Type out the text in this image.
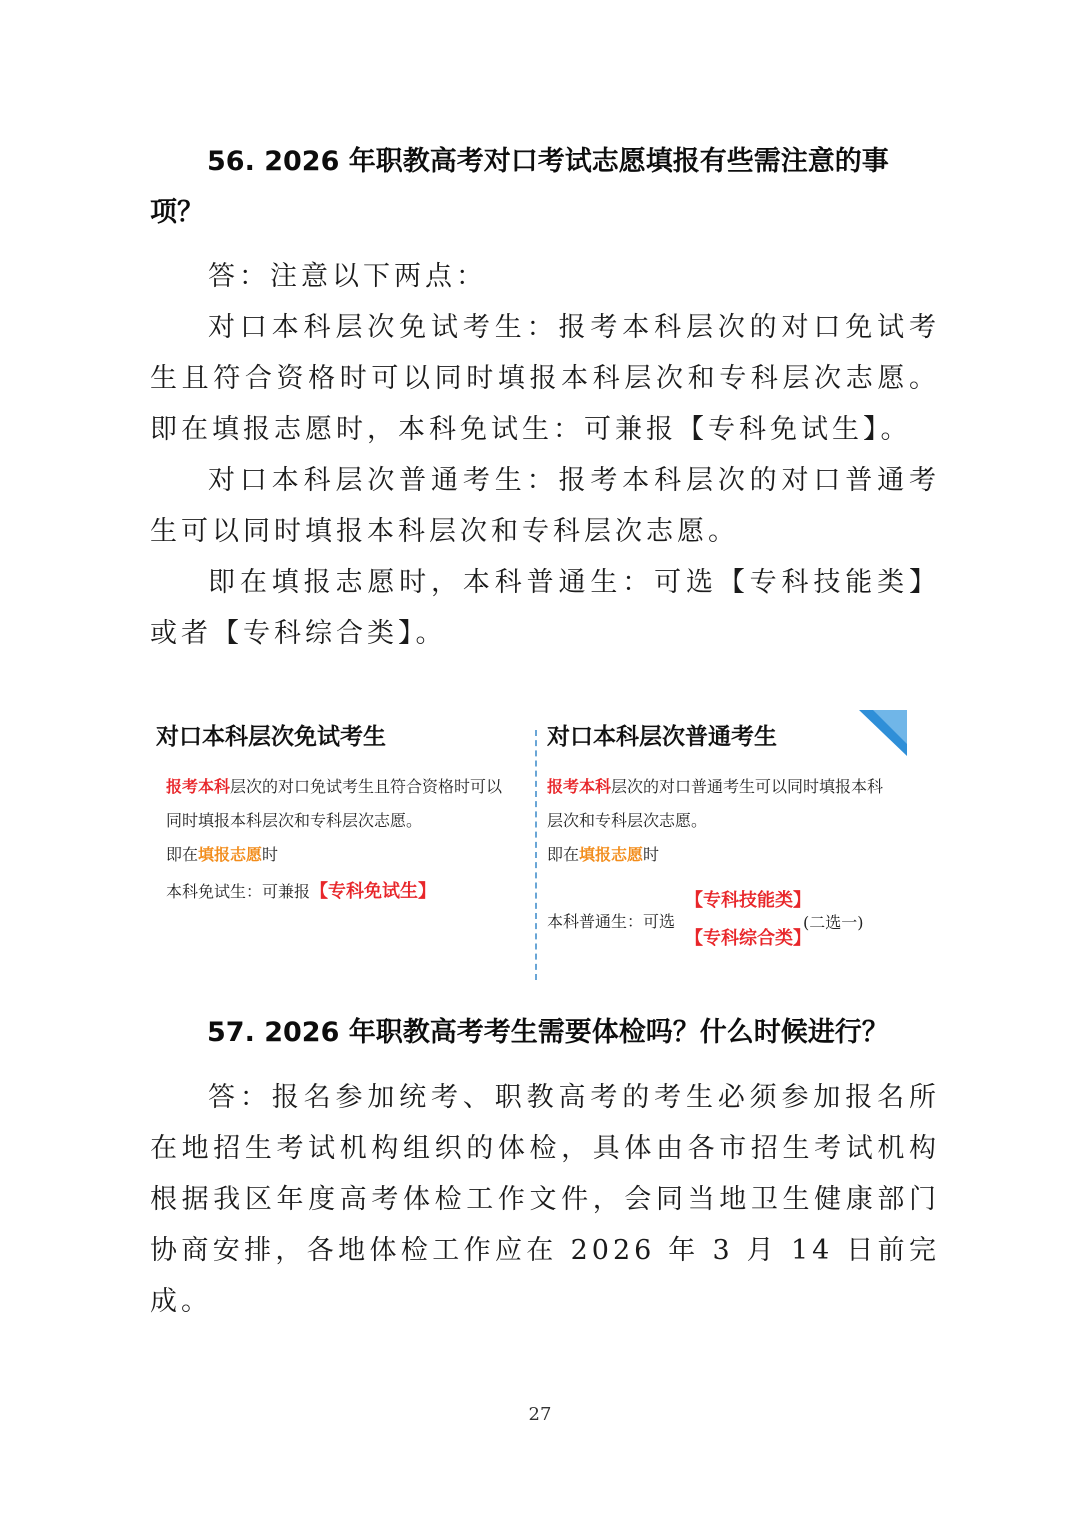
56. 2026 年职教高考对口考试志愿填报有些需注意的事
项？

答：注意以下两点：

对口本科层次免试考生：报考本科层次的对口免试考生且符合资格时可以同时填报本科层次和专科层次志愿。即在填报志愿时，本科免试生：可兼报【专科免试生】。

对口本科层次普通考生：报考本科层次的对口普通考生可以同时填报本科层次和专科层次志愿。

即在填报志愿时，本科普通生：可选【专科技能类】或者【专科综合类】。

对口本科层次免试考生
报考本科层次的对口免试考生且符合资格时可以
同时填报本科层次和专科层次志愿。
即在填报志愿时
本科免试生：可兼报【专科免试生】
对口本科层次普通考生
报考本科层次的对口普通考生可以同时填报本科
层次和专科层次志愿。
即在填报志愿时
本科普通生：可选
【专科技能类】
【专科综合类】
(二选一)
57. 2026 年职教高考考生需要体检吗？什么时候进行？

答：报名参加统考、职教高考的考生必须参加报名所在地招生考试机构组织的体检，具体由各市招生考试机构根据我区年度高考体检工作文件，会同当地卫生健康部门协商安排，各地体检工作应在 2026 年 3 月 14 日前完成。

27
